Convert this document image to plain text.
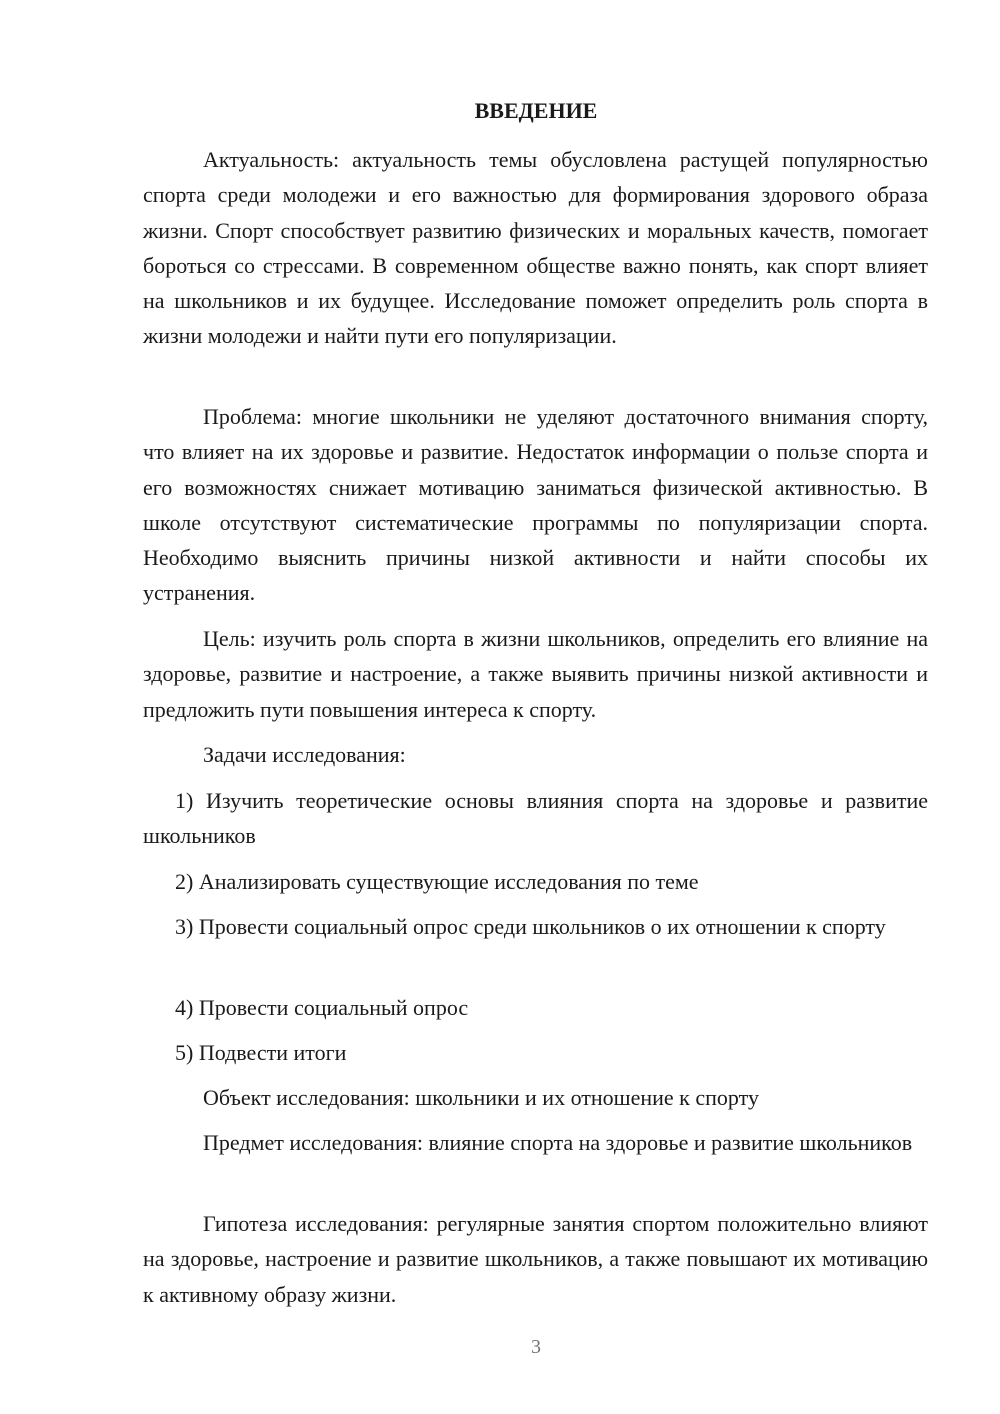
ВВЕДЕНИЕ

Актуальность: актуальность темы обусловлена растущей популярностью спорта среди молодежи и его важностью для формирования здорового образа жизни. Спорт способствует развитию физических и моральных качеств, помогает бороться со стрессами. В современном обществе важно понять, как спорт влияет на школьников и их будущее. Исследование поможет определить роль спорта в жизни молодежи и найти пути его популяризации.

Проблема: многие школьники не уделяют достаточного внимания спорту, что влияет на их здоровье и развитие. Недостаток информации о пользе спорта и его возможностях снижает мотивацию заниматься физической активностью. В школе отсутствуют систематические программы по популяризации спорта. Необходимо выяснить причины низкой активности и найти способы их устранения.

Цель: изучить роль спорта в жизни школьников, определить его влияние на здоровье, развитие и настроение, а также выявить причины низкой активности и предложить пути повышения интереса к спорту.

Задачи исследования:

1) Изучить теоретические основы влияния спорта на здоровье и развитие школьников

2) Анализировать существующие исследования по теме

3) Провести социальный опрос среди школьников о их отношении к спорту

4) Провести социальный опрос

5) Подвести итоги

Объект исследования: школьники и их отношение к спорту

Предмет исследования: влияние спорта на здоровье и развитие школьников

Гипотеза исследования: регулярные занятия спортом положительно влияют на здоровье, настроение и развитие школьников, а также повышают их мотивацию к активному образу жизни.

3
